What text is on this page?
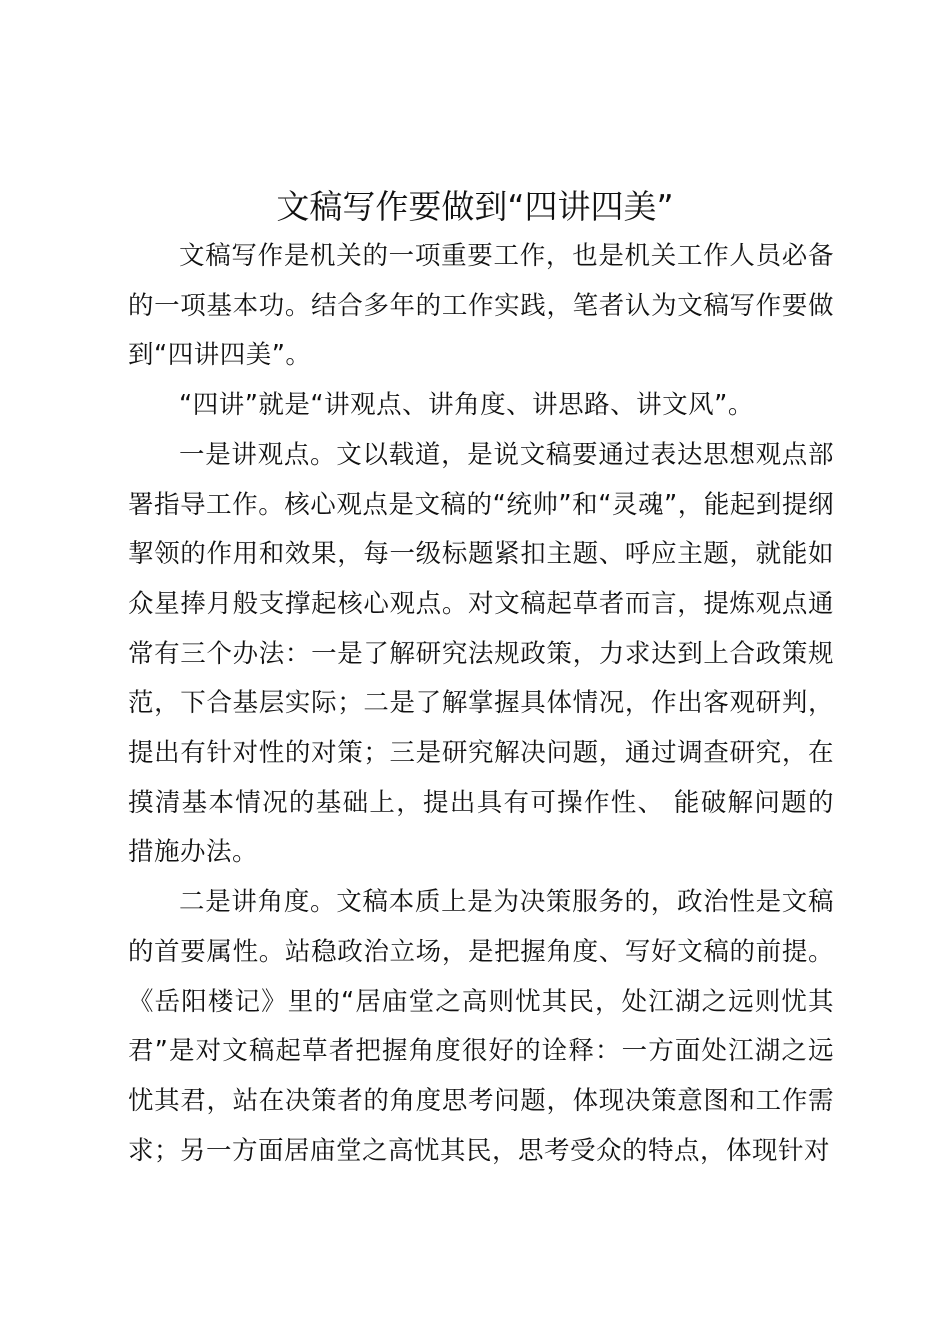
文稿写作要做到“四讲四美”

文稿写作是机关的一项重要工作，也是机关工作人员必备的一项基本功。结合多年的工作实践，笔者认为文稿写作要做到“四讲四美”。

“四讲”就是“讲观点、讲角度、讲思路、讲文风”。

一是讲观点。文以载道，是说文稿要通过表达思想观点部署指导工作。核心观点是文稿的“统帅”和“灵魂”，能起到提纲挈领的作用和效果，每一级标题紧扣主题、呼应主题，就能如众星捧月般支撑起核心观点。对文稿起草者而言，提炼观点通常有三个办法：一是了解研究法规政策，力求达到上合政策规范，下合基层实际；二是了解掌握具体情况，作出客观研判，提出有针对性的对策；三是研究解决问题，通过调查研究，在摸清基本情况的基础上，提出具有可操作性、 能破解问题的措施办法。

二是讲角度。文稿本质上是为决策服务的，政治性是文稿的首要属性。站稳政治立场，是把握角度、写好文稿的前提。《岳阳楼记》里的“居庙堂之高则忧其民，处江湖之远则忧其君”是对文稿起草者把握角度很好的诠释：一方面处江湖之远忧其君，站在决策者的角度思考问题，体现决策意图和工作需求；另一方面居庙堂之高忧其民，思考受众的特点，体现针对
